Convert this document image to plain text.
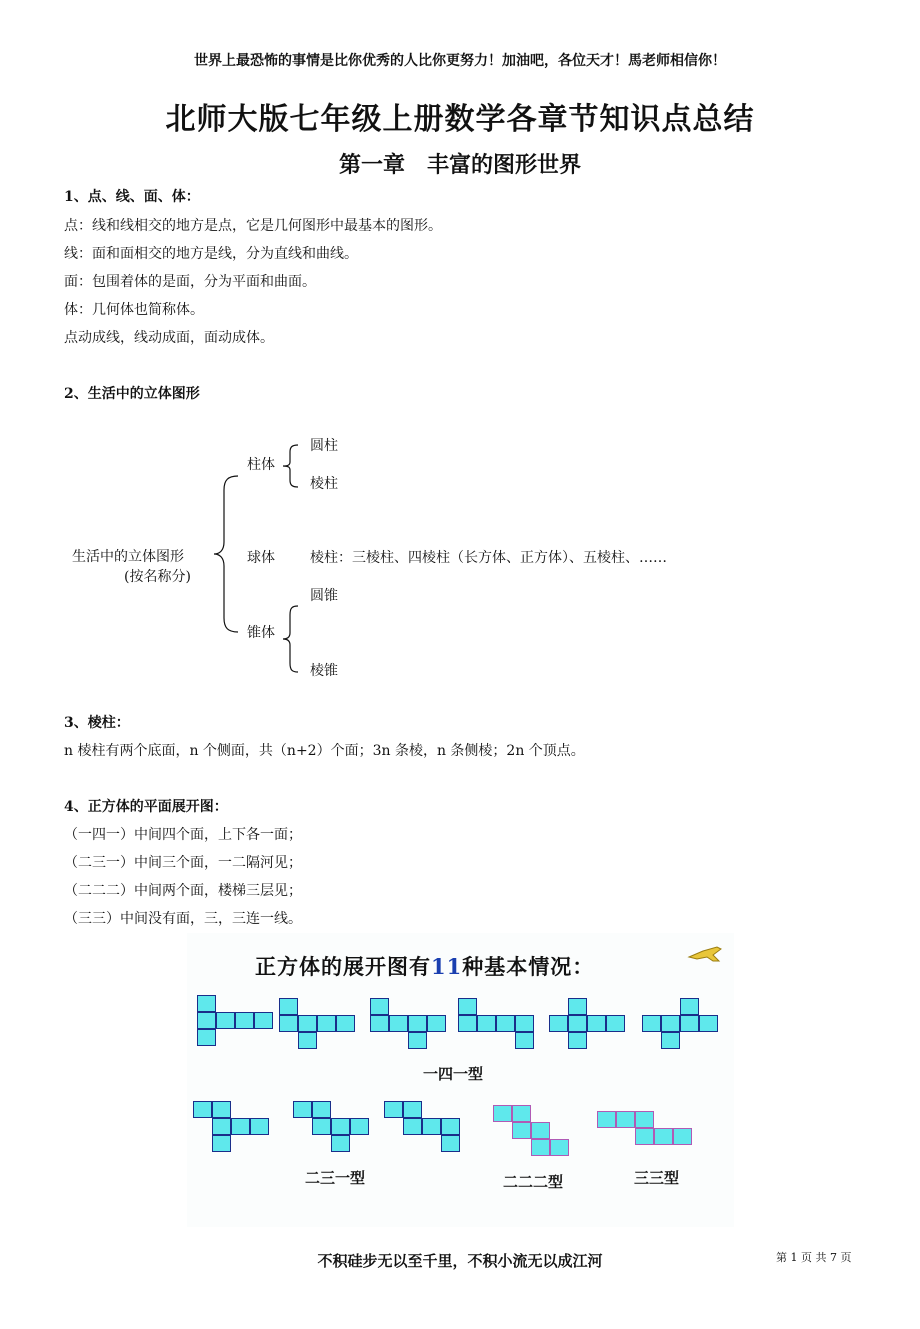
世界上最恐怖的事情是比你优秀的人比你更努力！加油吧，各位天才！馬老师相信你！
北师大版七年级上册数学各章节知识点总结
第一章　丰富的图形世界
1、点、线、面、体：
点：线和线相交的地方是点，它是几何图形中最基本的图形。
线：面和面相交的地方是线，分为直线和曲线。
面：包围着体的是面，分为平面和曲面。
体：几何体也简称体。
点动成线，线动成面，面动成体。
2、生活中的立体图形
生活中的立体图形
(按名称分)
柱体
圆柱
棱柱
球体	棱柱：三棱柱、四棱柱（长方体、正方体）、五棱柱、……
锥体
圆锥
棱锥
3、棱柱：
n 棱柱有两个底面，n 个侧面，共（n+2）个面；3n 条棱，n 条侧棱；2n 个顶点。
4、正方体的平面展开图：
（一四一）中间四个面，上下各一面；
（二三一）中间三个面，一二隔河见；
（二二二）中间两个面，楼梯三层见；
（三三）中间没有面，三，三连一线。
正方体的展开图有11种基本情况：
一四一型
二三一型	二二二型	三三型
不积硅步无以至千里，不积小流无以成江河	第 1 页 共 7 页
